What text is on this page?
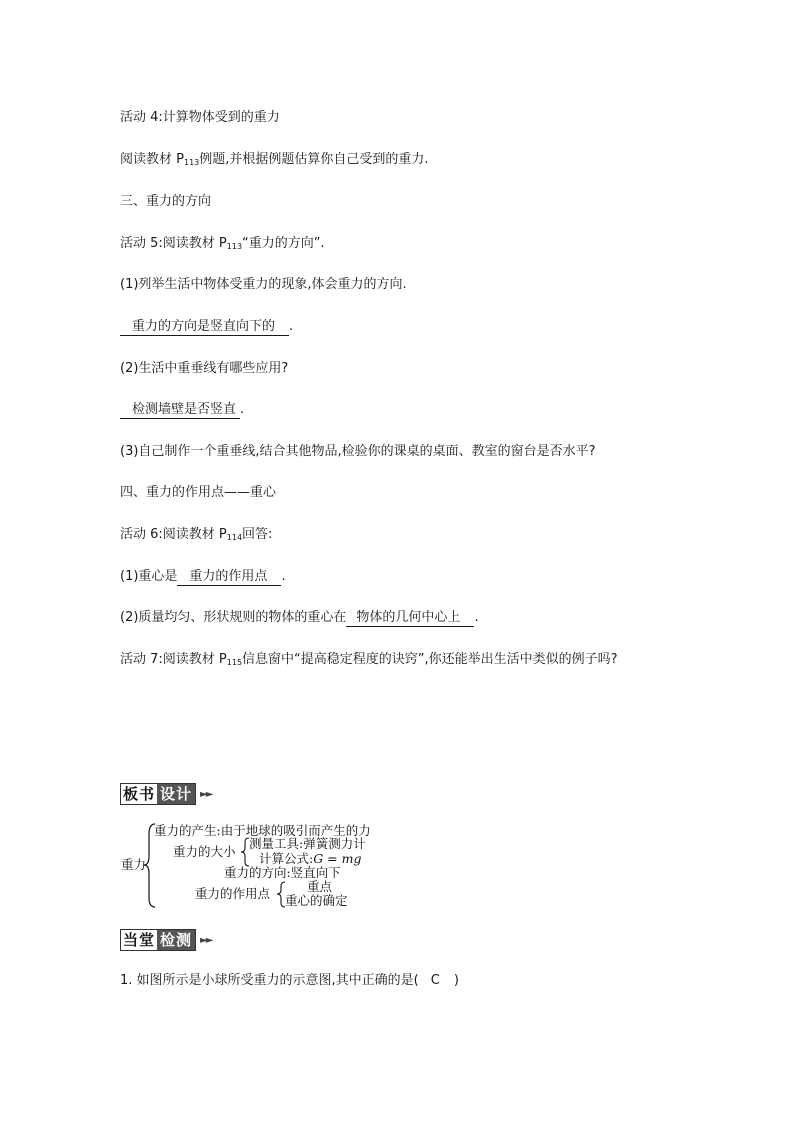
活动 4:计算物体受到的重力
阅读教材 $P_{113}$例题,并根据例题估算你自己受到的重力.
三、重力的方向
活动 5:阅读教材 $P_{113}“$重力的方向”.
(1)列举生活中物体受重力的现象,体会重力的方向.
重力的方向是竖直向下的 .
(2)生活中重垂线有哪些应用?
检测墙壁是否竖直 .
(3)自己制作一个重垂线,结合其他物品,检验你的课桌的桌面、教室的窗台是否水平?
四、重力的作用点——重心
活动 6:阅读教材 $P_{114}$回答:
(1)重心是 重力的作用点 .
(2)质量均匀、形状规则的物体的重心在 物体的几何中心上 .
活动 7:阅读教材 $P_{115}$信息窗中“提高稳定程度的诀窍”,你还能举出生活中类似的例子吗?
板书 设计 ►►
重力
重力的产生:由于地球的吸引而产生的力
重力的大小
测量工具:弹簧测力计
计算公式:𝐺 = 𝑚𝑔
重力的方向:竖直向下
重力的作用点	重点
重心的确定
当堂 检测 ►►
1. 如图所示是小球所受重力的示意图,其中正确的是( C )
